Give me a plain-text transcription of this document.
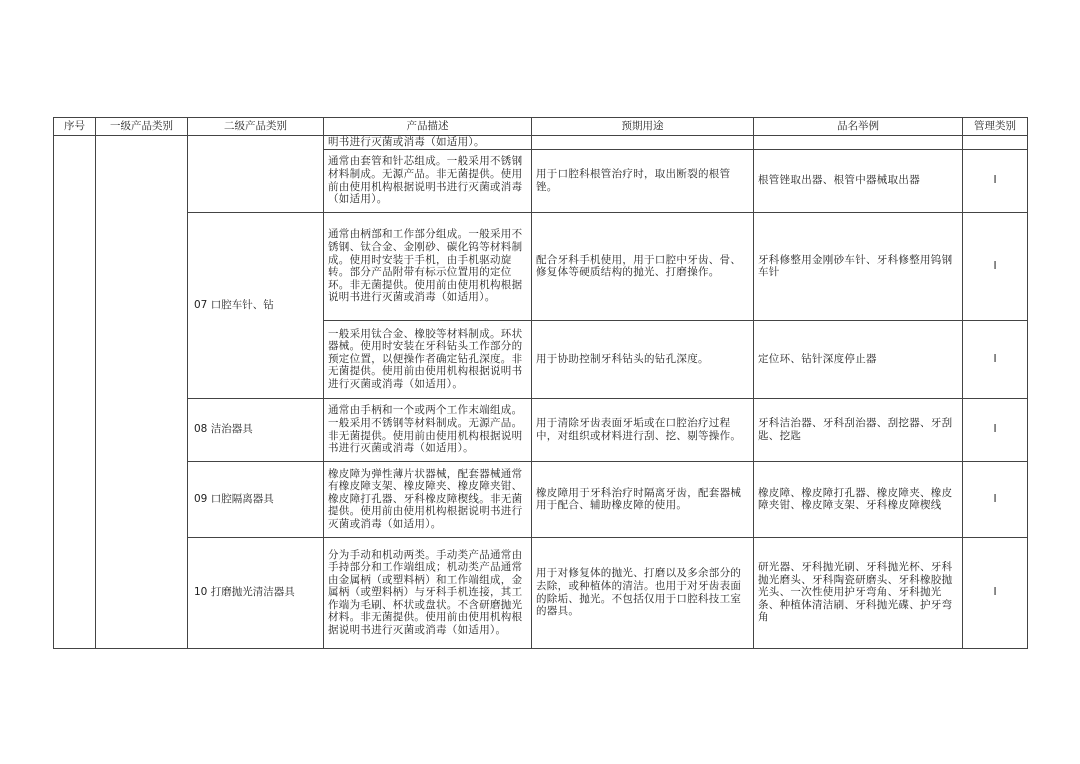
序号	一级产品类别	二级产品类别	产品描述	预期用途	品名举例	管理类别
			明书进行灭菌或消毒（如适用）。			
			通常由套管和针芯组成。一般采用不锈钢材料制成。无源产品。非无菌提供。使用前由使用机构根据说明书进行灭菌或消毒（如适用）。	用于口腔科根管治疗时，取出断裂的根管锉。	根管锉取出器、根管中器械取出器	I
		07 口腔车针、钻	通常由柄部和工作部分组成。一般采用不锈钢、钛合金、金刚砂、碳化钨等材料制成。使用时安装于手机，由手机驱动旋转。部分产品附带有标示位置用的定位环。非无菌提供。使用前由使用机构根据说明书进行灭菌或消毒（如适用）。	配合牙科手机使用，用于口腔中牙齿、骨、修复体等硬质结构的抛光、打磨操作。	牙科修整用金刚砂车针、牙科修整用钨钢车针	I
			一般采用钛合金、橡胶等材料制成。环状器械。使用时安装在牙科钻头工作部分的预定位置，以便操作者确定钻孔深度。非无菌提供。使用前由使用机构根据说明书进行灭菌或消毒（如适用）。	用于协助控制牙科钻头的钻孔深度。	定位环、钻针深度停止器	I
		08 洁治器具	通常由手柄和一个或两个工作末端组成。一般采用不锈钢等材料制成。无源产品。非无菌提供。使用前由使用机构根据说明书进行灭菌或消毒（如适用）。	用于清除牙齿表面牙垢或在口腔治疗过程中，对组织或材料进行刮、挖、剔等操作。	牙科洁治器、牙科刮治器、刮挖器、牙刮匙、挖匙	I
		09 口腔隔离器具	橡皮障为弹性薄片状器械，配套器械通常有橡皮障支架、橡皮障夹、橡皮障夹钳、橡皮障打孔器、牙科橡皮障楔线。非无菌提供。使用前由使用机构根据说明书进行灭菌或消毒（如适用）。	橡皮障用于牙科治疗时隔离牙齿，配套器械用于配合、辅助橡皮障的使用。	橡皮障、橡皮障打孔器、橡皮障夹、橡皮障夹钳、橡皮障支架、牙科橡皮障楔线	I
		10 打磨抛光清洁器具	分为手动和机动两类。手动类产品通常由手持部分和工作端组成；机动类产品通常由金属柄（或塑料柄）和工作端组成，金属柄（或塑料柄）与牙科手机连接，其工作端为毛刷、杯状或盘状。不含研磨抛光材料。非无菌提供。使用前由使用机构根据说明书进行灭菌或消毒（如适用）。	用于对修复体的抛光、打磨以及多余部分的去除，或种植体的清洁。也用于对牙齿表面的除垢、抛光。不包括仅用于口腔科技工室的器具。	研光器、牙科抛光刷、牙科抛光杯、牙科抛光磨头、牙科陶瓷研磨头、牙科橡胶抛光头、一次性使用护牙弯角、牙科抛光条、种植体清洁刷、牙科抛光碟、护牙弯角	I
